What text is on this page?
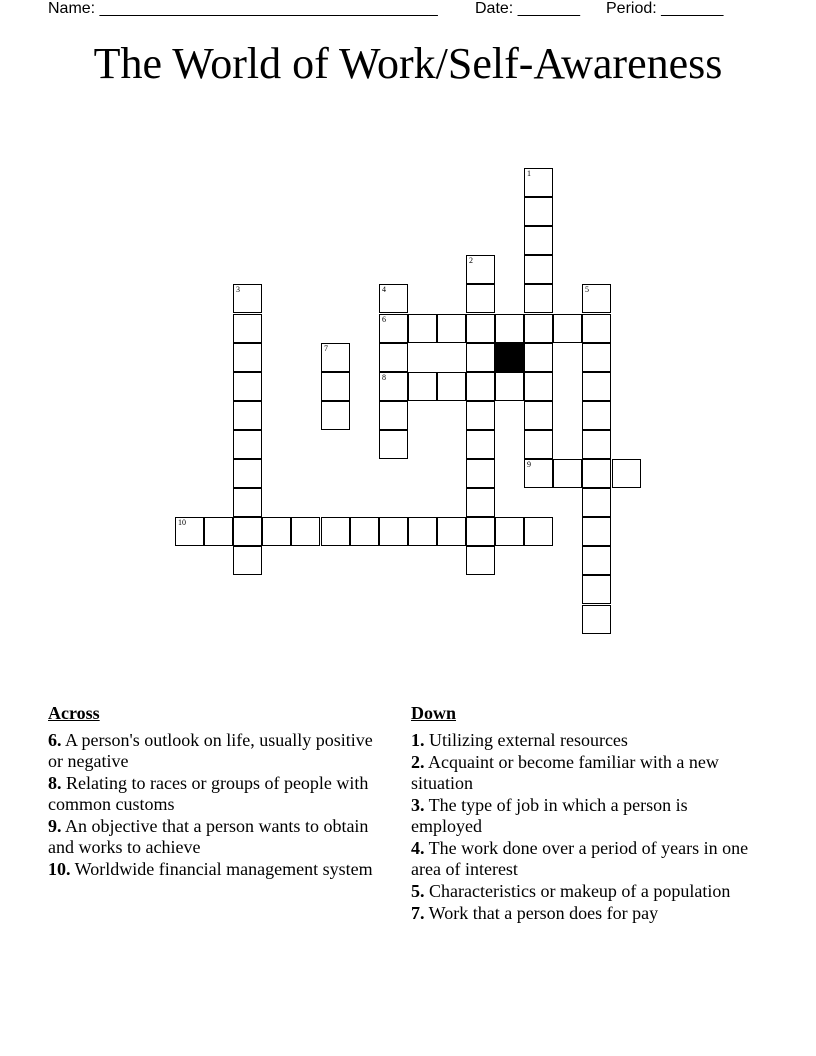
Name: ______________________________________ Date: _______ Period: _______
The World of Work/Self-Awareness
1
2
3	4
6
8
5
7
9
10
Across
6. A person's outlook on life, usually positive or negative
8. Relating to races or groups of people with common customs
9. An objective that a person wants to obtain and works to achieve
10. Worldwide financial management system
Down
1. Utilizing external resources
2. Acquaint or become familiar with a new situation
3. The type of job in which a person is employed
4. The work done over a period of years in one area of interest
5. Characteristics or makeup of a population
7. Work that a person does for pay
